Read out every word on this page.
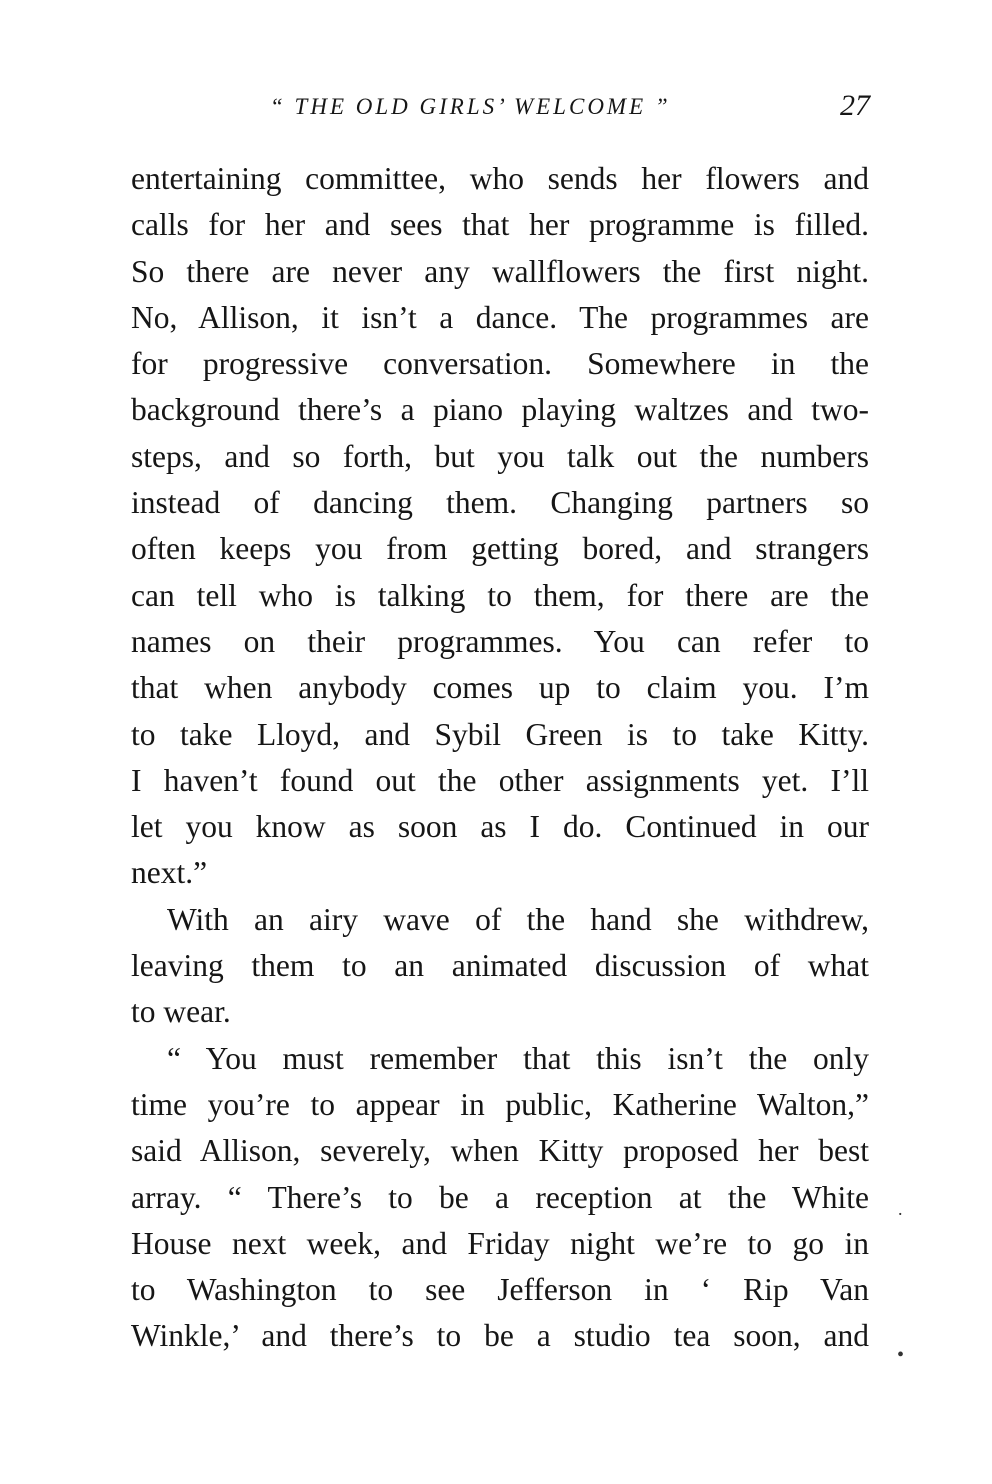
“ THE OLD GIRLS’ WELCOME ”	27

entertaining committee, who sends her flowers and
calls for her and sees that her programme is filled.
So there are never any wallflowers the first night.
No, Allison, it isn’t a dance. The programmes are
for progressive conversation. Somewhere in the
background there’s a piano playing waltzes and two-
steps, and so forth, but you talk out the numbers
instead of dancing them. Changing partners so
often keeps you from getting bored, and strangers
can tell who is talking to them, for there are the
names on their programmes. You can refer to
that when anybody comes up to claim you. I’m
to take Lloyd, and Sybil Green is to take Kitty.
I haven’t found out the other assignments yet. I’ll
let you know as soon as I do. Continued in our
next.”

With an airy wave of the hand she withdrew,
leaving them to an animated discussion of what
to wear.

“ You must remember that this isn’t the only
time you’re to appear in public, Katherine Walton,”
said Allison, severely, when Kitty proposed her best
array. “ There’s to be a reception at the White
House next week, and Friday night we’re to go in
to Washington to see Jefferson in ‘ Rip Van
Winkle,’ and there’s to be a studio tea soon, and

.
•
